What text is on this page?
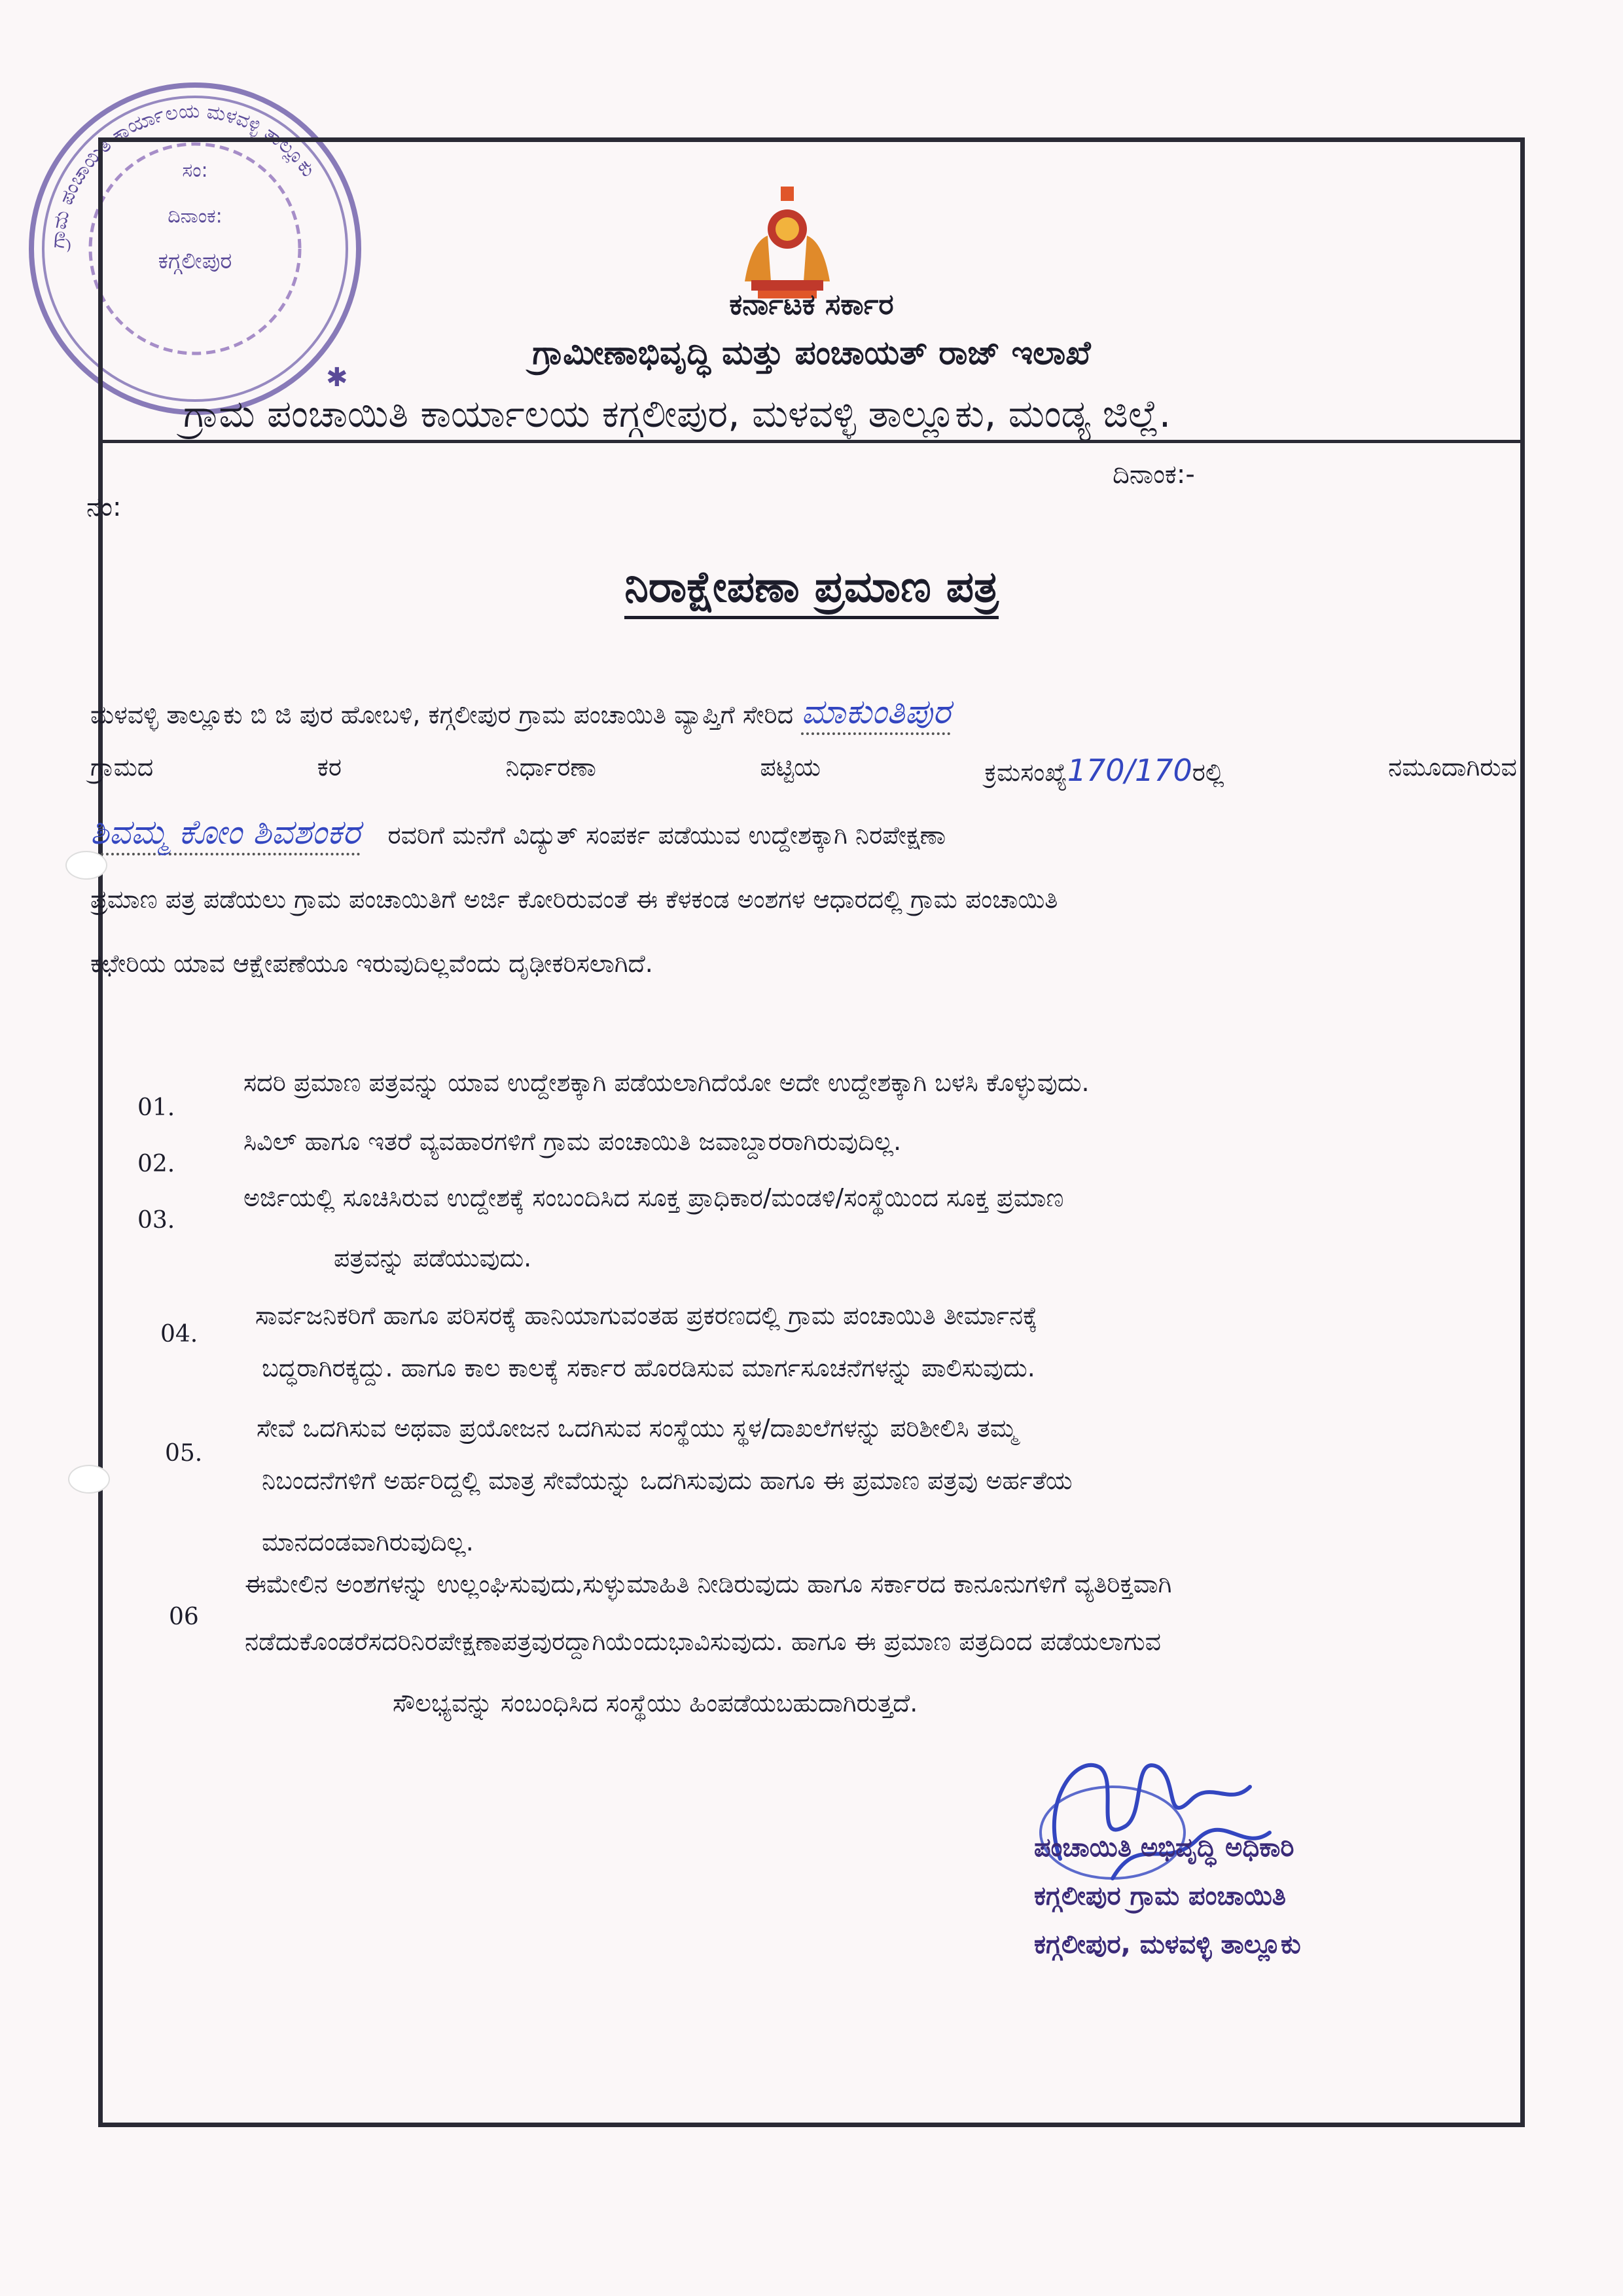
ಸಂ:
ದಿನಾಂಕ:
ಕಗ್ಗಲೀಪುರ
ಗ್ರಾಮ ಪಂಚಾಯಿತಿ ಕಾರ್ಯಾಲಯ ಮಳವಳ್ಳಿ ತಾಲ್ಲೂಕು
✱
ಕರ್ನಾಟಕ ಸರ್ಕಾರ
ಗ್ರಾಮೀಣಾಭಿವೃದ್ಧಿ ಮತ್ತು ಪಂಚಾಯತ್ ರಾಜ್ ಇಲಾಖೆ
ಗ್ರಾಮ ಪಂಚಾಯಿತಿ ಕಾರ್ಯಾಲಯ ಕಗ್ಗಲೀಪುರ, ಮಳವಳ್ಳಿ ತಾಲ್ಲೂಕು, ಮಂಡ್ಯ ಜಿಲ್ಲೆ.
ನಂ:
ದಿನಾಂಕ:-
ನಿರಾಕ್ಷೇಪಣಾ ಪ್ರಮಾಣ ಪತ್ರ
ಮಳವಳ್ಳಿ ತಾಲ್ಲೂಕು ಬಿ ಜಿ ಪುರ ಹೋಬಳಿ, ಕಗ್ಗಲೀಪುರ ಗ್ರಾಮ ಪಂಚಾಯಿತಿ ವ್ಯಾಪ್ತಿಗೆ ಸೇರಿದ ಮಾಕುಂತಿಪುರ
ಗ್ರಾಮದ	ಕರ	ನಿರ್ಧಾರಣಾ	ಪಟ್ಟಿಯ	ಕ್ರಮಸಂಖ್ಯೆ170/170ರಲ್ಲಿ	ನಮೂದಾಗಿರುವ
ಶಿವಮ್ಮ ಕೋಂ ಶಿವಶಂಕರ ರವರಿಗೆ ಮನೆಗೆ ವಿದ್ಯುತ್ ಸಂಪರ್ಕ ಪಡೆಯುವ ಉದ್ದೇಶಕ್ಕಾಗಿ ನಿರಪೇಕ್ಷಣಾ
ಪ್ರಮಾಣ ಪತ್ರ ಪಡೆಯಲು ಗ್ರಾಮ ಪಂಚಾಯಿತಿಗೆ ಅರ್ಜಿ ಕೋರಿರುವಂತೆ ಈ ಕೆಳಕಂಡ ಅಂಶಗಳ ಆಧಾರದಲ್ಲಿ ಗ್ರಾಮ ಪಂಚಾಯಿತಿ
ಕಛೇರಿಯ ಯಾವ ಆಕ್ಷೇಪಣೆಯೂ ಇರುವುದಿಲ್ಲವೆಂದು ದೃಢೀಕರಿಸಲಾಗಿದೆ.
01.
ಸದರಿ ಪ್ರಮಾಣ ಪತ್ರವನ್ನು ಯಾವ ಉದ್ದೇಶಕ್ಕಾಗಿ ಪಡೆಯಲಾಗಿದೆಯೋ ಅದೇ ಉದ್ದೇಶಕ್ಕಾಗಿ ಬಳಸಿ ಕೊಳ್ಳುವುದು.
02.
ಸಿವಿಲ್ ಹಾಗೂ ಇತರೆ ವ್ಯವಹಾರಗಳಿಗೆ ಗ್ರಾಮ ಪಂಚಾಯಿತಿ ಜವಾಬ್ದಾರರಾಗಿರುವುದಿಲ್ಲ.
03.
ಅರ್ಜಿಯಲ್ಲಿ ಸೂಚಿಸಿರುವ ಉದ್ದೇಶಕ್ಕೆ ಸಂಬಂದಿಸಿದ ಸೂಕ್ತ ಪ್ರಾಧಿಕಾರ/ಮಂಡಳಿ/ಸಂಸ್ಥೆಯಿಂದ ಸೂಕ್ತ ಪ್ರಮಾಣ
ಪತ್ರವನ್ನು ಪಡೆಯುವುದು.
04.
ಸಾರ್ವಜನಿಕರಿಗೆ ಹಾಗೂ ಪರಿಸರಕ್ಕೆ ಹಾನಿಯಾಗುವಂತಹ ಪ್ರಕರಣದಲ್ಲಿ ಗ್ರಾಮ ಪಂಚಾಯಿತಿ ತೀರ್ಮಾನಕ್ಕೆ
ಬದ್ಧರಾಗಿರಕ್ಕದ್ದು. ಹಾಗೂ ಕಾಲ ಕಾಲಕ್ಕೆ ಸರ್ಕಾರ ಹೊರಡಿಸುವ ಮಾರ್ಗಸೂಚನೆಗಳನ್ನು ಪಾಲಿಸುವುದು.
05.
ಸೇವೆ ಒದಗಿಸುವ ಅಥವಾ ಪ್ರಯೋಜನ ಒದಗಿಸುವ ಸಂಸ್ಥೆಯು ಸ್ಥಳ/ದಾಖಲೆಗಳನ್ನು ಪರಿಶೀಲಿಸಿ ತಮ್ಮ
ನಿಬಂದನೆಗಳಿಗೆ ಅರ್ಹರಿದ್ದಲ್ಲಿ ಮಾತ್ರ ಸೇವೆಯನ್ನು ಒದಗಿಸುವುದು ಹಾಗೂ ಈ ಪ್ರಮಾಣ ಪತ್ರವು ಅರ್ಹತೆಯ
ಮಾನದಂಡವಾಗಿರುವುದಿಲ್ಲ.
06
ಈಮೇಲಿನ ಅಂಶಗಳನ್ನು ಉಲ್ಲಂಘಿಸುವುದು,ಸುಳ್ಳುಮಾಹಿತಿ ನೀಡಿರುವುದು ಹಾಗೂ ಸರ್ಕಾರದ ಕಾನೂನುಗಳಿಗೆ ವ್ಯತಿರಿಕ್ತವಾಗಿ
ನಡೆದುಕೊಂಡರೆಸದರಿನಿರಪೇಕ್ಷಣಾಪತ್ರವುರದ್ದಾಗಿಯೆಂದುಭಾವಿಸುವುದು. ಹಾಗೂ ಈ ಪ್ರಮಾಣ ಪತ್ರದಿಂದ ಪಡೆಯಲಾಗುವ
ಸೌಲಭ್ಯವನ್ನು ಸಂಬಂಧಿಸಿದ ಸಂಸ್ಥೆಯು ಹಿಂಪಡೆಯಬಹುದಾಗಿರುತ್ತದೆ.
ಪಂಚಾಯಿತಿ ಅಭಿವೃದ್ಧಿ ಅಧಿಕಾರಿ
ಕಗ್ಗಲೀಪುರ ಗ್ರಾಮ ಪಂಚಾಯಿತಿ
ಕಗ್ಗಲೀಪುರ, ಮಳವಳ್ಳಿ ತಾಲ್ಲೂಕು
